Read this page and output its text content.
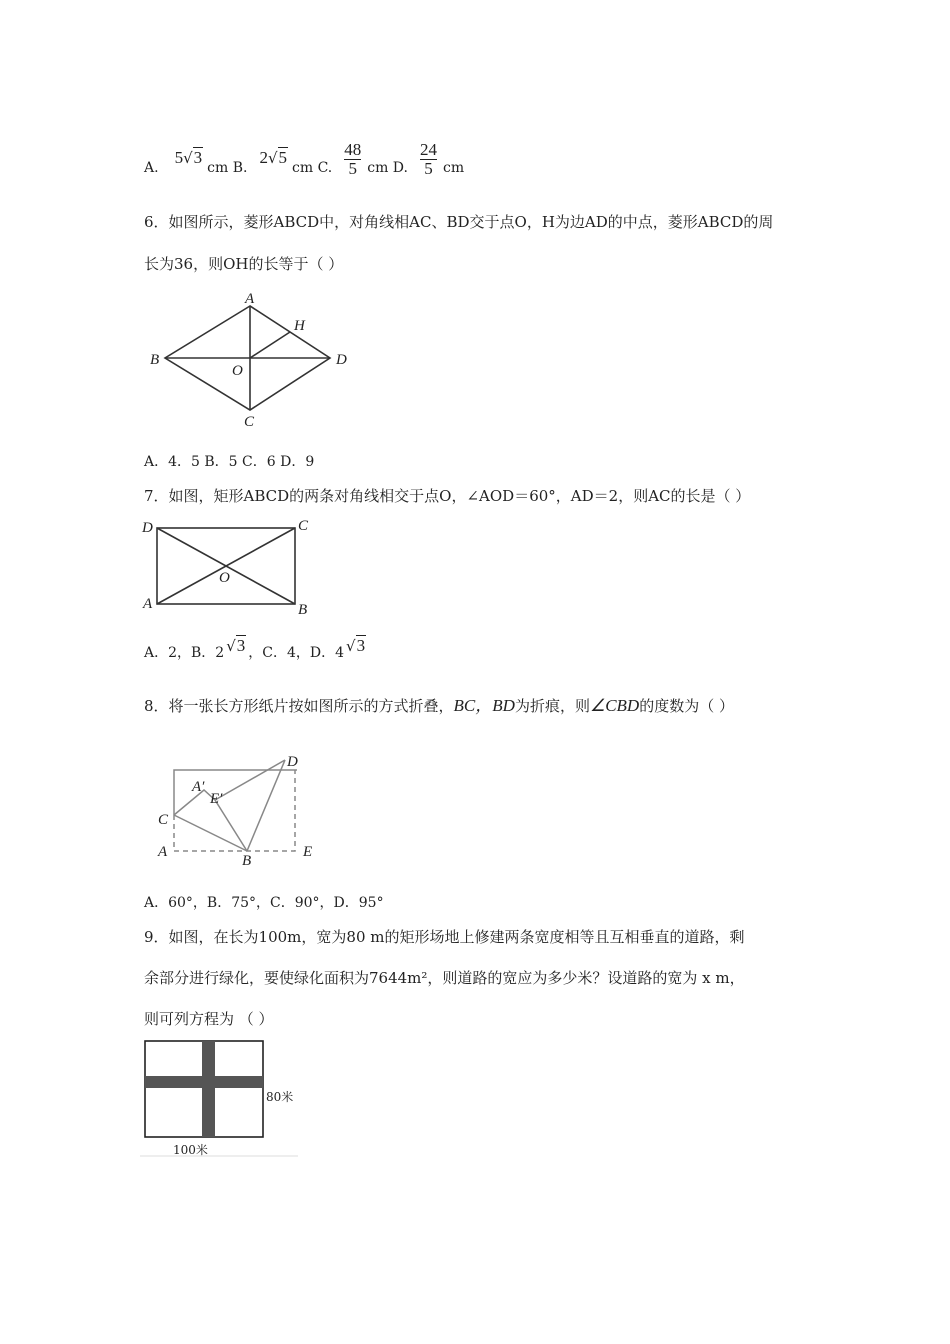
A.
5√3
cm B.
2√5
cm C. $\frac{48}{5}$ cm D. $\frac{24}{5}$ cm
6．如图所示，菱形ABCD中，对角线相AC、BD交于点O，H为边AD的中点，菱形ABCD的周
长为36，则OH的长等于（ ）
A
B
C
D
O
H
A．4．5 B．5 C．6 D．9
7．如图，矩形ABCD的两条对角线相交于点O，∠AOD＝60°，AD＝2，则AC的长是（ ）
D	C
A	B
O
A．2，B．2 √3 ，C．4，D．4 √3
8．将一张长方形纸片按如图所示的方式折叠，BC，BD为折痕，则∠CBD的度数为（ ）
A′
E′
C
A
B
D
E
A．60°，B．75°，C．90°，D．95°
9．如图，在长为100m，宽为80 m的矩形场地上修建两条宽度相等且互相垂直的道路，剩
余部分进行绿化，要使绿化面积为7644m²，则道路的宽应为多少米？设道路的宽为 x m，
则可列方程为 （ ）
80米
100米
